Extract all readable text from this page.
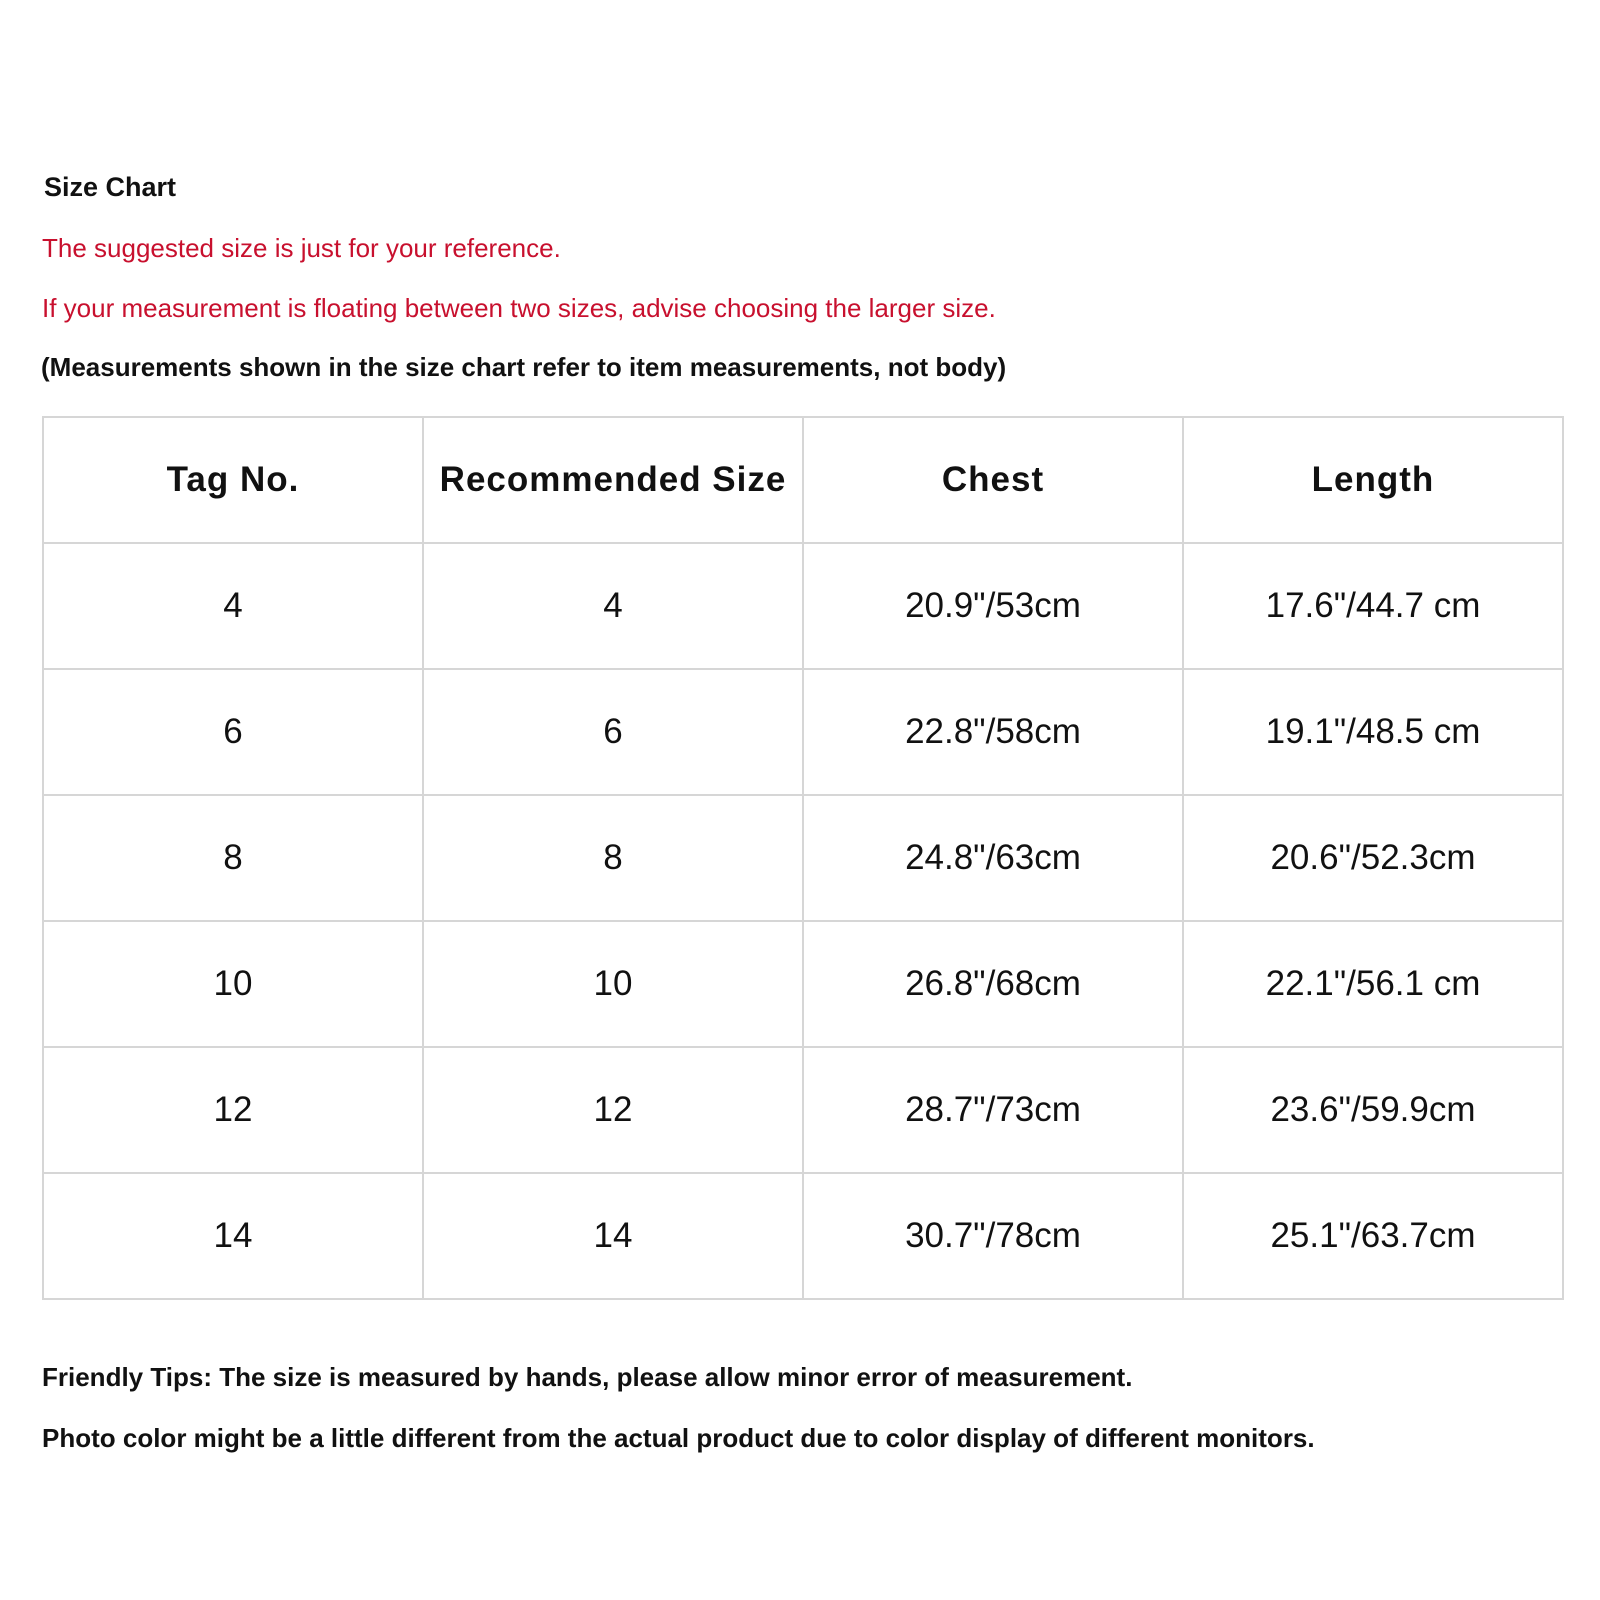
Size Chart
The suggested size is just for your reference.
If your measurement is floating between two sizes, advise choosing the larger size.
(Measurements shown in the size chart refer to item measurements, not body)
Tag No.	Recommended Size	Chest	Length
4	4	20.9"/53cm	17.6"/44.7 cm
6	6	22.8"/58cm	19.1"/48.5 cm
8	8	24.8"/63cm	20.6"/52.3cm
10	10	26.8"/68cm	22.1"/56.1 cm
12	12	28.7"/73cm	23.6"/59.9cm
14	14	30.7"/78cm	25.1"/63.7cm
Friendly Tips: The size is measured by hands, please allow minor error of measurement.
Photo color might be a little different from the actual product due to color display of different monitors.
